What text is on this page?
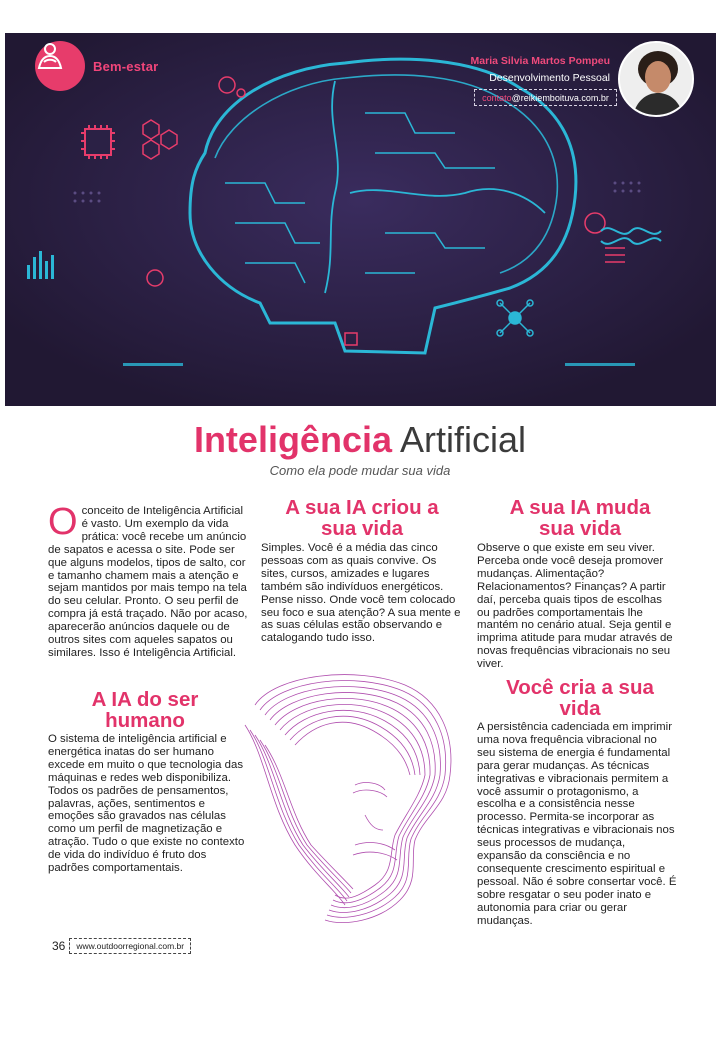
Bem-estar	Maria Silvia Martos Pompeu
Desenvolvimento Pessoal
contato @reikiemboituva.com.br
Inteligência Artificial
Como ela pode mudar sua vida

Oconceito de Inteligência Artificial é vasto. Um exemplo da vida prática: você recebe um anúncio de sapatos e acessa o site. Pode ser que alguns modelos, tipos de salto, cor e tamanho chamem mais a atenção e sejam mantidos por mais tempo na tela do seu celular. Pronto. O seu perfil de compra já está traçado. Não por acaso, aparecerão anúncios daquele ou de outros sites com aqueles sapatos ou similares. Isso é Inteligência Artificial.

A IA do ser humano
O sistema de inteligência artificial e energética inatas do ser humano excede em muito o que tecnologia das máquinas e redes web disponibiliza. Todos os padrões de pensamentos, palavras, ações, sentimentos e emoções são gravados nas células como um perfil de magnetização e atração. Tudo o que existe no contexto de vida do indivíduo é fruto dos padrões comportamentais.
A sua IA criou a sua vida
Simples. Você é a média das cinco pessoas com as quais convive. Os sites, cursos, amizades e lugares também são indivíduos energéticos. Pense nisso. Onde você tem colocado seu foco e sua atenção? A sua mente e as suas células estão observando e catalogando tudo isso.
A sua IA muda sua vida
Observe o que existe em seu viver. Perceba onde você deseja promover mudanças. Alimentação? Relacionamentos? Finanças? A partir daí, perceba quais tipos de escolhas ou padrões comportamentais lhe mantém no cenário atual. Seja gentil e imprima atitude para mudar através de novas frequências vibracionais no seu viver.
Você cria a sua vida
A persistência cadenciada em imprimir uma nova frequência vibracional no seu sistema de energia é fundamental para gerar mudanças. As técnicas integrativas e vibracionais permitem a você assumir o protagonismo, a escolha e a consistência nesse processo. Permita-se incorporar as técnicas integrativas e vibracionais nos seus processos de mudança, expansão da consciência e no consequente crescimento espiritual e pessoal. Não é sobre consertar você. É sobre resgatar o seu poder inato e autonomia para criar ou gerar mudanças.
36	www.outdoorregional.com.br
